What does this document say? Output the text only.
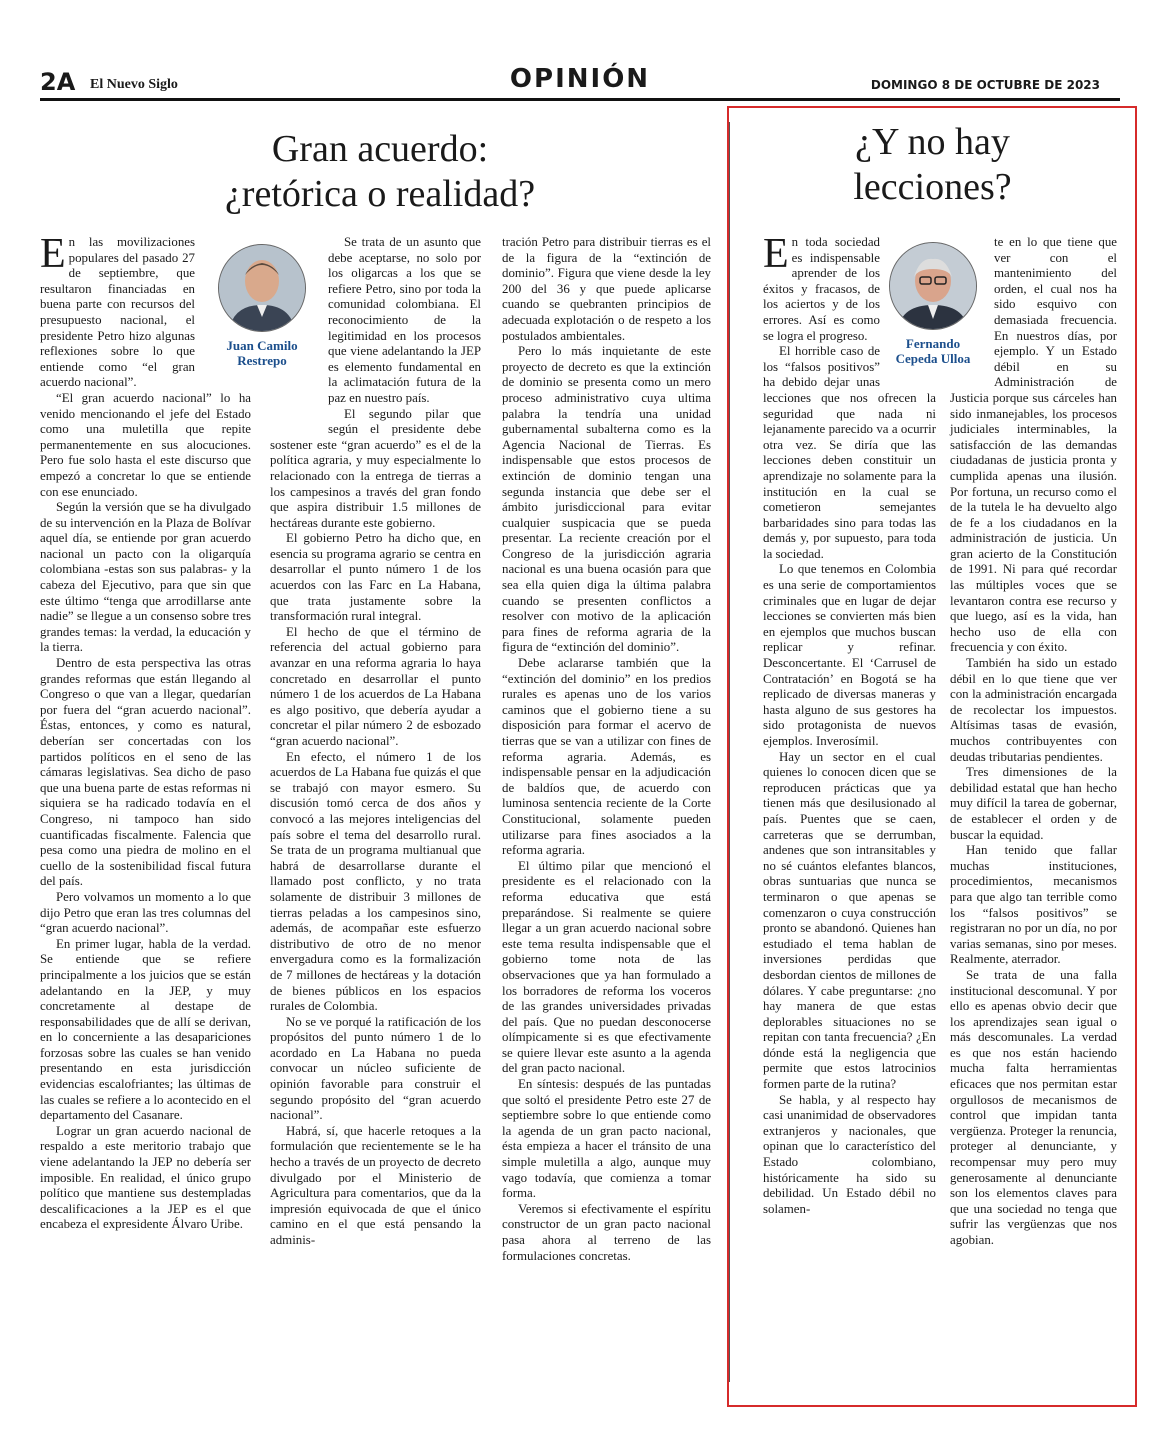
2A El Nuevo Siglo	OPINIÓN	DOMINGO 8 DE OCTUBRE DE 2023
Gran acuerdo:
¿retórica o realidad?
Juan Camilo
Restrepo

En las movilizaciones populares del pasado 27 de septiembre, que resultaron financiadas en buena parte con recursos del presupuesto nacional, el presidente Petro hizo algunas reflexiones sobre lo que entiende como “el gran acuerdo nacional”.

“El gran acuerdo nacional” lo ha venido mencionando el jefe del Estado como una muletilla que repite permanentemente en sus alocuciones. Pero fue solo hasta el este discurso que empezó a concretar lo que se entiende con ese enunciado.

Según la versión que se ha divulgado de su intervención en la Plaza de Bolívar aquel día, se entiende por gran acuerdo nacional un pacto con la oligarquía colombiana -estas son sus palabras- y la cabeza del Ejecutivo, para que sin que este último “tenga que arrodillarse ante nadie” se llegue a un consenso sobre tres grandes temas: la verdad, la educación y la tierra.

Dentro de esta perspectiva las otras grandes reformas que están llegando al Congreso o que van a llegar, quedarían por fuera del “gran acuerdo nacional”. Éstas, entonces, y como es natural, deberían ser concertadas con los partidos políticos en el seno de las cámaras legislativas. Sea dicho de paso que una buena parte de estas reformas ni siquiera se ha radicado todavía en el Congreso, ni tampoco han sido cuantificadas fiscalmente. Falencia que pesa como una piedra de molino en el cuello de la sostenibilidad fiscal futura del país.

Pero volvamos un momento a lo que dijo Petro que eran las tres columnas del “gran acuerdo nacional”.

En primer lugar, habla de la verdad. Se entiende que se refiere principalmente a los juicios que se están adelantando en la JEP, y muy concretamente al destape de responsabilidades que de allí se derivan, en lo concerniente a las desapariciones forzosas sobre las cuales se han venido presentando en esta jurisdicción evidencias escalofriantes; las últimas de las cuales se refiere a lo acontecido en el departamento del Casanare.

Lograr un gran acuerdo nacional de respaldo a este meritorio trabajo que viene adelantando la JEP no debería ser imposible. En realidad, el único grupo político que mantiene sus destempladas descalificaciones a la JEP es el que encabeza el expresidente Álvaro Uribe.

Se trata de un asunto que debe aceptarse, no solo por los oligarcas a los que se refiere Petro, sino por toda la comunidad colombiana. El reconocimiento de la legitimidad en los procesos que viene adelantando la JEP es elemento fundamental en la aclimatación futura de la paz en nuestro país.

El segundo pilar que según el presidente debe sostener este “gran acuerdo” es el de la política agraria, y muy especialmente lo relacionado con la entrega de tierras a los campesinos a través del gran fondo que aspira distribuir 1.5 millones de hectáreas durante este gobierno.

El gobierno Petro ha dicho que, en esencia su programa agrario se centra en desarrollar el punto número 1 de los acuerdos con las Farc en La Habana, que trata justamente sobre la transformación rural integral.

El hecho de que el término de referencia del actual gobierno para avanzar en una reforma agraria lo haya concretado en desarrollar el punto número 1 de los acuerdos de La Habana es algo positivo, que debería ayudar a concretar el pilar número 2 de esbozado “gran acuerdo nacional”.

En efecto, el número 1 de los acuerdos de La Habana fue quizás el que se trabajó con mayor esmero. Su discusión tomó cerca de dos años y convocó a las mejores inteligencias del país sobre el tema del desarrollo rural. Se trata de un programa multianual que habrá de desarrollarse durante el llamado post conflicto, y no trata solamente de distribuir 3 millones de tierras peladas a los campesinos sino, además, de acompañar este esfuerzo distributivo de otro de no menor envergadura como es la formalización de 7 millones de hectáreas y la dotación de bienes públicos en los espacios rurales de Colombia.

No se ve porqué la ratificación de los propósitos del punto número 1 de lo acordado en La Habana no pueda convocar un núcleo suficiente de opinión favorable para construir el segundo propósito del “gran acuerdo nacional”.

Habrá, sí, que hacerle retoques a la formulación que recientemente se le ha hecho a través de un proyecto de decreto divulgado por el Ministerio de Agricultura para comentarios, que da la impresión equivocada de que el único camino en el que está pensando la adminis-

tración Petro para distribuir tierras es el de la figura de la “extinción de dominio”. Figura que viene desde la ley 200 del 36 y que puede aplicarse cuando se quebranten principios de adecuada explotación o de respeto a los postulados ambientales.

Pero lo más inquietante de este proyecto de decreto es que la extinción de dominio se presenta como un mero proceso administrativo cuya ultima palabra la tendría una unidad gubernamental subalterna como es la Agencia Nacional de Tierras. Es indispensable que estos procesos de extinción de dominio tengan una segunda instancia que debe ser el ámbito jurisdiccional para evitar cualquier suspicacia que se pueda presentar. La reciente creación por el Congreso de la jurisdicción agraria nacional es una buena ocasión para que sea ella quien diga la última palabra cuando se presenten conflictos a resolver con motivo de la aplicación para fines de reforma agraria de la figura de “extinción del dominio”.

Debe aclararse también que la “extinción del dominio” en los predios rurales es apenas uno de los varios caminos que el gobierno tiene a su disposición para formar el acervo de tierras que se van a utilizar con fines de reforma agraria. Además, es indispensable pensar en la adjudicación de baldíos que, de acuerdo con luminosa sentencia reciente de la Corte Constitucional, solamente pueden utilizarse para fines asociados a la reforma agraria.

El último pilar que mencionó el presidente es el relacionado con la reforma educativa que está preparándose. Si realmente se quiere llegar a un gran acuerdo nacional sobre este tema resulta indispensable que el gobierno tome nota de las observaciones que ya han formulado a los borradores de reforma los voceros de las grandes universidades privadas del país. Que no puedan desconocerse olímpicamente si es que efectivamente se quiere llevar este asunto a la agenda del gran pacto nacional.

En síntesis: después de las puntadas que soltó el presidente Petro este 27 de septiembre sobre lo que entiende como la agenda de un gran pacto nacional, ésta empieza a hacer el tránsito de una simple muletilla a algo, aunque muy vago todavía, que comienza a tomar forma.

Veremos si efectivamente el espíritu constructor de un gran pacto nacional pasa ahora al terreno de las formulaciones concretas.

¿Y no hay
lecciones?
Fernando
Cepeda Ulloa

En toda sociedad es indispensable aprender de los éxitos y fracasos, de los aciertos y de los errores. Así es como se logra el progreso.

El horrible caso de los “falsos positivos” ha debido dejar unas lecciones que nos ofrecen la seguridad que nada ni lejanamente parecido va a ocurrir otra vez. Se diría que las lecciones deben constituir un aprendizaje no solamente para la institución en la cual se cometieron semejantes barbaridades sino para todas las demás y, por supuesto, para toda la sociedad.

Lo que tenemos en Colombia es una serie de comportamientos criminales que en lugar de dejar lecciones se convierten más bien en ejemplos que muchos buscan replicar y refinar. Desconcertante. El ‘Carrusel de Contratación’ en Bogotá se ha replicado de diversas maneras y hasta alguno de sus gestores ha sido protagonista de nuevos ejemplos. Inverosímil.

Hay un sector en el cual quienes lo conocen dicen que se reproducen prácticas que ya tienen más que desilusionado al país. Puentes que se caen, carreteras que se derrumban, andenes que son intransitables y no sé cuántos elefantes blancos, obras suntuarias que nunca se terminaron o que apenas se comenzaron o cuya construcción pronto se abandonó. Quienes han estudiado el tema hablan de inversiones perdidas que desbordan cientos de millones de dólares. Y cabe preguntarse: ¿no hay manera de que estas deplorables situaciones no se repitan con tanta frecuencia? ¿En dónde está la negligencia que permite que estos latrocinios formen parte de la rutina?

Se habla, y al respecto hay casi unanimidad de observadores extranjeros y nacionales, que opinan que lo característico del Estado colombiano, históricamente ha sido su debilidad. Un Estado débil no solamen-

te en lo que tiene que ver con el mantenimiento del orden, el cual nos ha sido esquivo con demasiada frecuencia. En nuestros días, por ejemplo. Y un Estado débil en su Administración de Justicia porque sus cárceles han sido inmanejables, los procesos judiciales interminables, la satisfacción de las demandas ciudadanas de justicia pronta y cumplida apenas una ilusión. Por fortuna, un recurso como el de la tutela le ha devuelto algo de fe a los ciudadanos en la administración de justicia. Un gran acierto de la Constitución de 1991. Ni para qué recordar las múltiples voces que se levantaron contra ese recurso y que luego, así es la vida, han hecho uso de ella con frecuencia y con éxito.

También ha sido un estado débil en lo que tiene que ver con la administración encargada de recolectar los impuestos. Altísimas tasas de evasión, muchos contribuyentes con deudas tributarias pendientes.

Tres dimensiones de la debilidad estatal que han hecho muy difícil la tarea de gobernar, de establecer el orden y de buscar la equidad.

Han tenido que fallar muchas instituciones, procedimientos, mecanismos para que algo tan terrible como los “falsos positivos” se registraran no por un día, no por varias semanas, sino por meses. Realmente, aterrador.

Se trata de una falla institucional descomunal. Y por ello es apenas obvio decir que los aprendizajes sean igual o más descomunales. La verdad es que nos están haciendo mucha falta herramientas eficaces que nos permitan estar orgullosos de mecanismos de control que impidan tanta vergüenza. Proteger la renuncia, proteger al denunciante, y recompensar muy pero muy generosamente al denunciante son los elementos claves para que una sociedad no tenga que sufrir las vergüenzas que nos agobian.
